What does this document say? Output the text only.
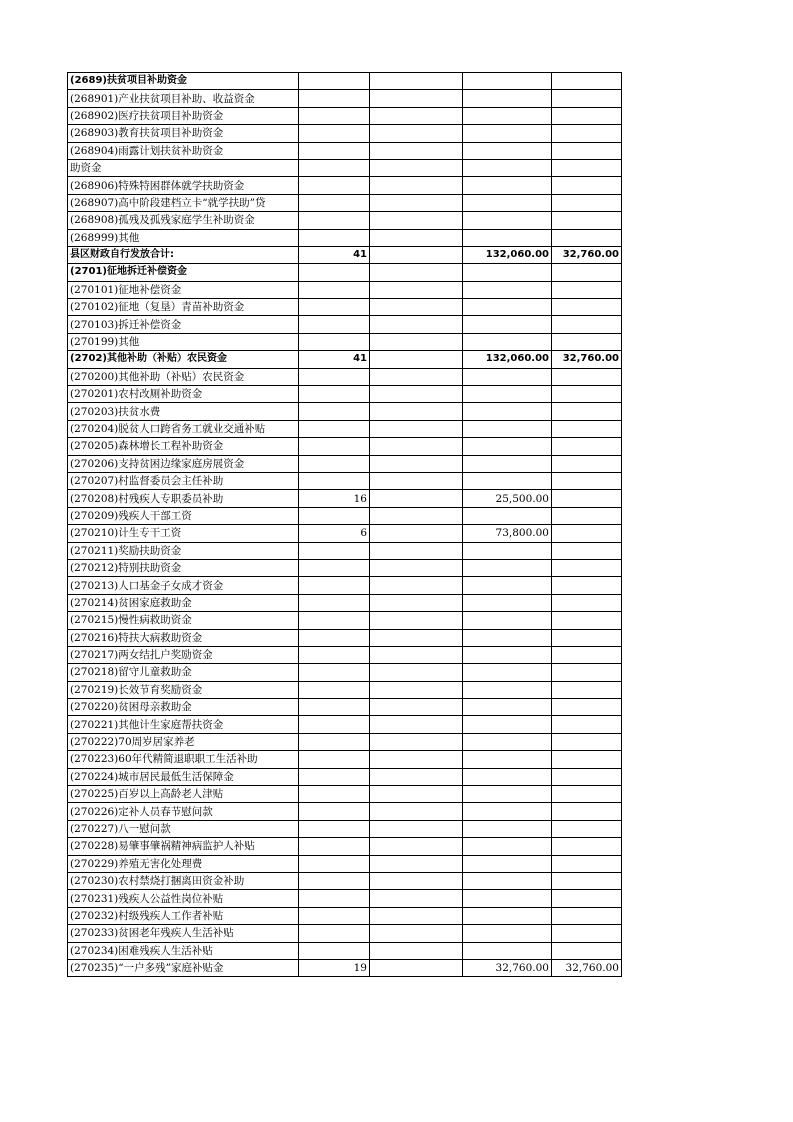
(2689)扶贫项目补助资金				
(268901)产业扶贫项目补助、收益资金				
(268902)医疗扶贫项目补助资金				
(268903)教育扶贫项目补助资金				
(268904)雨露计划扶贫补助资金				
助资金				
(268906)特殊特困群体就学扶助资金				
(268907)高中阶段建档立卡“就学扶助”贷				
(268908)孤残及孤残家庭学生补助资金				
(268999)其他				
县区财政自行发放合计:	41		132,060.00	32,760.00
(2701)征地拆迁补偿资金				
(270101)征地补偿资金				
(270102)征地（复垦）青苗补助资金				
(270103)拆迁补偿资金				
(270199)其他				
(2702)其他补助（补贴）农民资金	41		132,060.00	32,760.00
(270200)其他补助（补贴）农民资金				
(270201)农村改厕补助资金				
(270203)扶贫水费				
(270204)脱贫人口跨省务工就业交通补贴				
(270205)森林增长工程补助资金				
(270206)支持贫困边缘家庭房展资金				
(270207)村监督委员会主任补助				
(270208)村残疾人专职委员补助	16		25,500.00	
(270209)残疾人干部工资				
(270210)计生专干工资	6		73,800.00	
(270211)奖励扶助资金				
(270212)特别扶助资金				
(270213)人口基金子女成才资金				
(270214)贫困家庭救助金				
(270215)慢性病救助资金				
(270216)特扶大病救助资金				
(270217)两女结扎户奖励资金				
(270218)留守儿童救助金				
(270219)长效节育奖励资金				
(270220)贫困母亲救助金				
(270221)其他计生家庭帮扶资金				
(270222)70周岁居家养老				
(270223)60年代精简退职职工生活补助				
(270224)城市居民最低生活保障金				
(270225)百岁以上高龄老人津贴				
(270226)定补人员春节慰问款				
(270227)八一慰问款				
(270228)易肇事肇祸精神病监护人补贴				
(270229)养殖无害化处理费				
(270230)农村禁烧打捆离田资金补助				
(270231)残疾人公益性岗位补贴				
(270232)村级残疾人工作者补贴				
(270233)贫困老年残疾人生活补贴				
(270234)困难残疾人生活补贴				
(270235)“一户多残”家庭补贴金	19		32,760.00	32,760.00
